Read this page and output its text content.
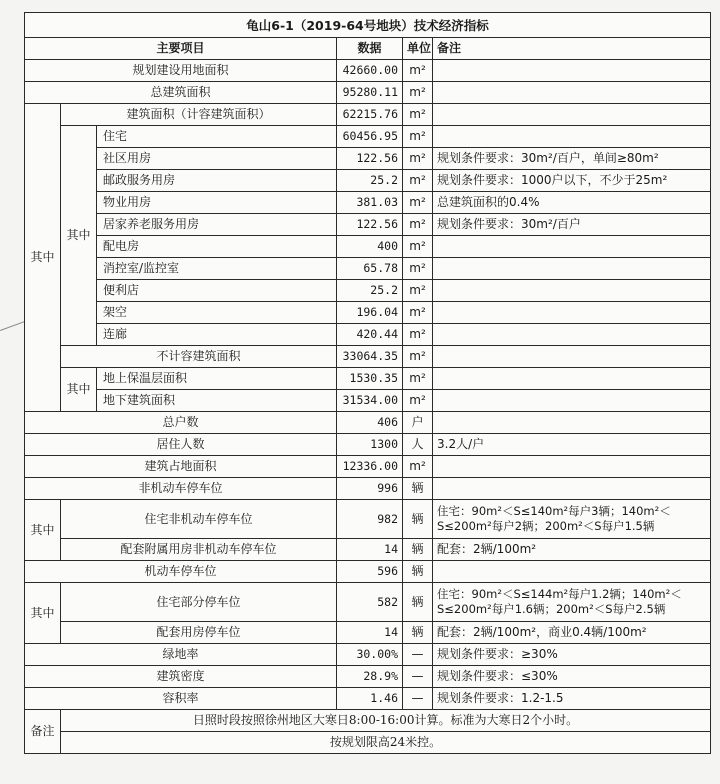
龟山6-1（2019-64号地块）技术经济指标					
主要项目			数据	单位	备注
规划建设用地面积			42660.00	m²	
总建筑面积			95280.11	m²	
其中	建筑面积（计容建筑面积）		62215.76	m²	
	其中	住宅	60456.95	m²	
		社区用房	122.56	m²	规划条件要求：30m²/百户，单间≥80m²
		邮政服务用房	25.2	m²	规划条件要求：1000户以下，不少于25m²
		物业用房	381.03	m²	总建筑面积的0.4%
		居家养老服务用房	122.56	m²	规划条件要求：30m²/百户
		配电房	400	m²	
		消控室/监控室	65.78	m²	
		便利店	25.2	m²	
		架空	196.04	m²	
		连廊	420.44	m²	
	不计容建筑面积		33064.35	m²	
	其中	地上保温层面积	1530.35	m²	
		地下建筑面积	31534.00	m²	
总户数			406	户	
居住人数			1300	人	3.2人/户
建筑占地面积			12336.00	m²	
非机动车停车位			996	辆	
其中	住宅非机动车停车位		982	辆	住宅：90m²＜S≤140m²每户3辆；140m²＜S≤200m²每户2辆；200m²＜S每户1.5辆
	配套附属用房非机动车停车位		14	辆	配套：2辆/100m²
机动车停车位			596	辆	
其中	住宅部分停车位		582	辆	住宅：90m²＜S≤144m²每户1.2辆；140m²＜S≤200m²每户1.6辆；200m²＜S每户2.5辆
	配套用房停车位		14	辆	配套：2辆/100m²，商业0.4辆/100m²
绿地率			30.00%	—	规划条件要求：≥30%
建筑密度			28.9%	—	规划条件要求：≤30%
容积率			1.46	—	规划条件要求：1.2-1.5
备注	日照时段按照徐州地区大寒日8:00-16:00计算。标准为大寒日2个小时。				
	按规划限高24米控。				
